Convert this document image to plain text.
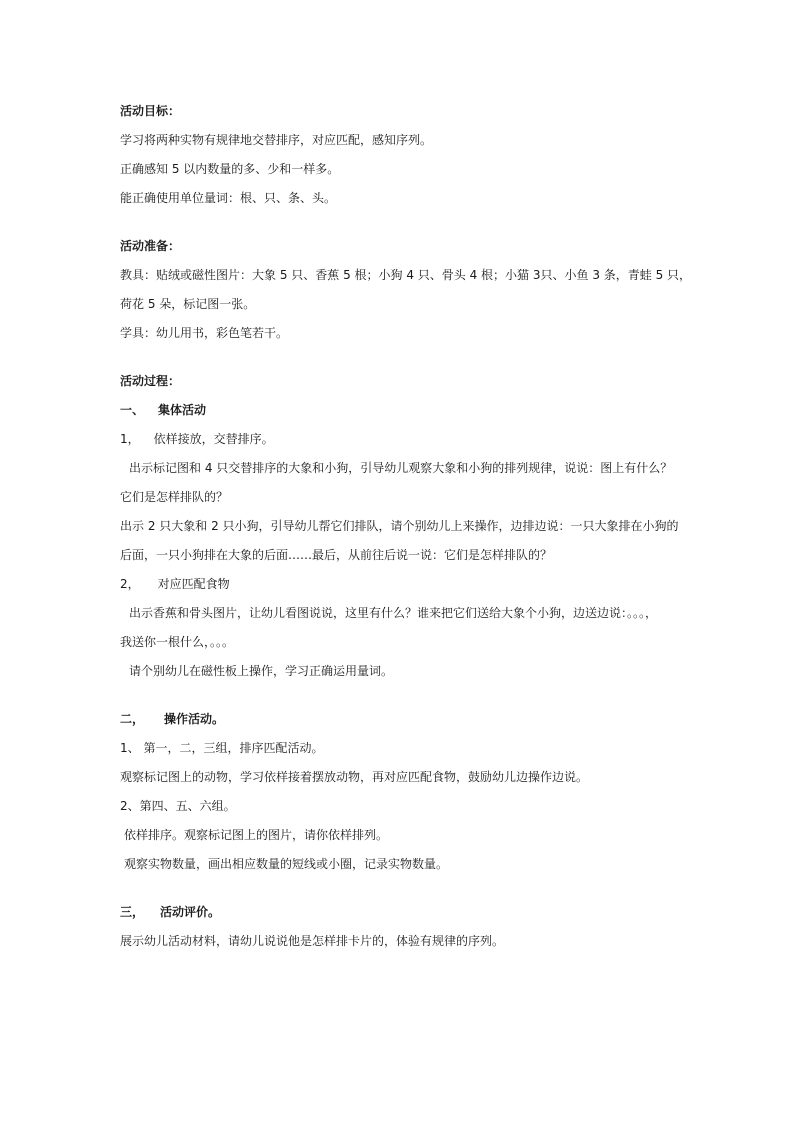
活动目标：
学习将两种实物有规律地交替排序，对应匹配，感知序列。
正确感知 5 以内数量的多、少和一样多。
能正确使用单位量词：根、只、条、头。
活动准备：
教具：贴绒或磁性图片：大象 5 只、香蕉 5 根；小狗 4 只、骨头 4 根；小猫 3只、小鱼 3 条，青蛙 5 只，
荷花 5 朵，标记图一张。
学具：幼儿用书，彩色笔若干。
活动过程：
一、 集体活动
1， 依样接放，交替排序。
出示标记图和 4 只交替排序的大象和小狗，引导幼儿观察大象和小狗的排列规律，说说：图上有什么？
它们是怎样排队的？
出示 2 只大象和 2 只小狗，引导幼儿帮它们排队，请个别幼儿上来操作，边排边说：一只大象排在小狗的
后面，一只小狗排在大象的后面……最后，从前往后说一说：它们是怎样排队的？
2， 对应匹配食物
出示香蕉和骨头图片，让幼儿看图说说，这里有什么？谁来把它们送给大象个小狗，边送边说：。。。，
我送你一根什么，。。。
请个别幼儿在磁性板上操作，学习正确运用量词。
二， 操作活动。
1、 第一，二，三组，排序匹配活动。
观察标记图上的动物，学习依样接着摆放动物，再对应匹配食物，鼓励幼儿边操作边说。
2、第四、五、六组。
依样排序。观察标记图上的图片，请你依样排列。
观察实物数量，画出相应数量的短线或小圈，记录实物数量。
三， 活动评价。
展示幼儿活动材料，请幼儿说说他是怎样排卡片的，体验有规律的序列。
